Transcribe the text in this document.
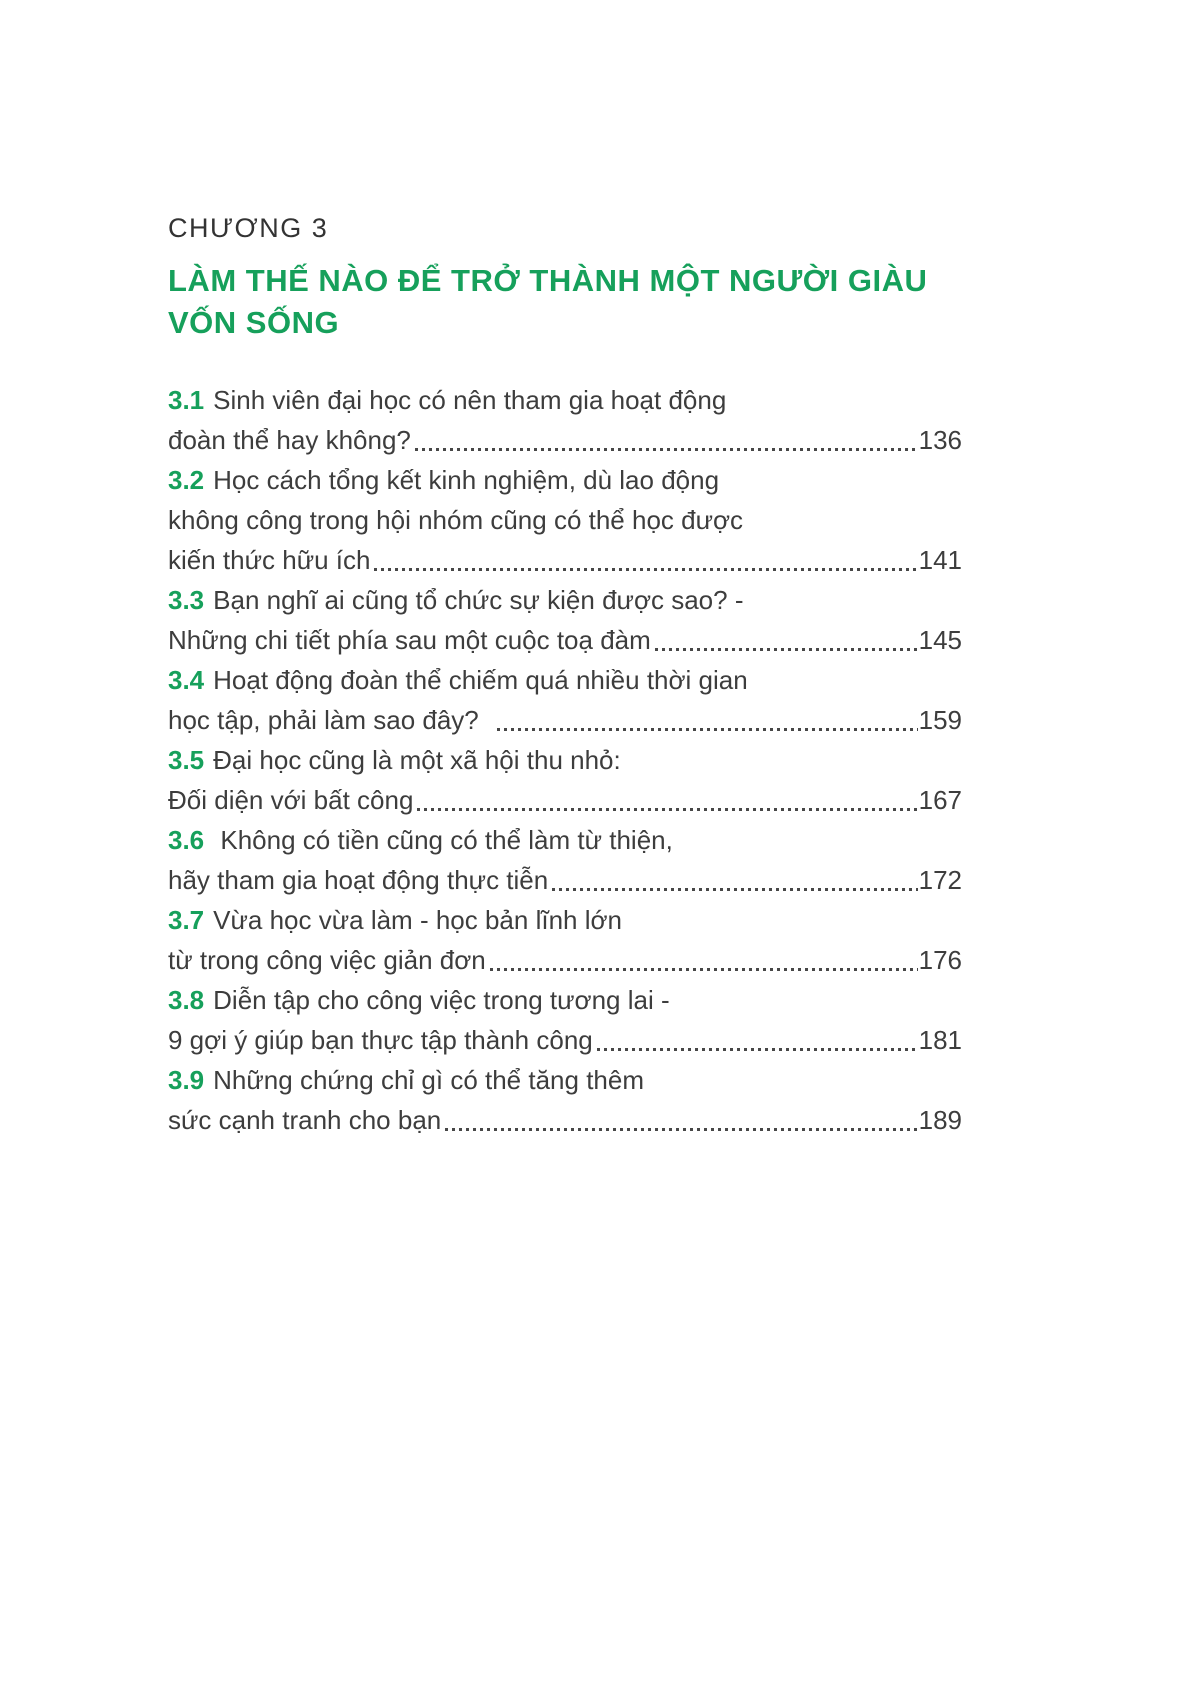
CHƯƠNG 3
LÀM THẾ NÀO ĐỂ TRỞ THÀNH MỘT NGƯỜI GIÀU VỐN SỐNG
3.1 Sinh viên đại học có nên tham gia hoạt động
đoàn thể hay không?	136
3.2 Học cách tổng kết kinh nghiệm, dù lao động
không công trong hội nhóm cũng có thể học được
kiến thức hữu ích	141
3.3 Bạn nghĩ ai cũng tổ chức sự kiện được sao? -
Những chi tiết phía sau một cuộc toạ đàm	145
3.4 Hoạt động đoàn thể chiếm quá nhiều thời gian
học tập, phải làm sao đây?	159
3.5 Đại học cũng là một xã hội thu nhỏ:
Đối diện với bất công	167
3.6 Không có tiền cũng có thể làm từ thiện,
hãy tham gia hoạt động thực tiễn	172
3.7 Vừa học vừa làm - học bản lĩnh lớn
từ trong công việc giản đơn	176
3.8 Diễn tập cho công việc trong tương lai -
9 gợi ý giúp bạn thực tập thành công	181
3.9 Những chứng chỉ gì có thể tăng thêm
sức cạnh tranh cho bạn	189
